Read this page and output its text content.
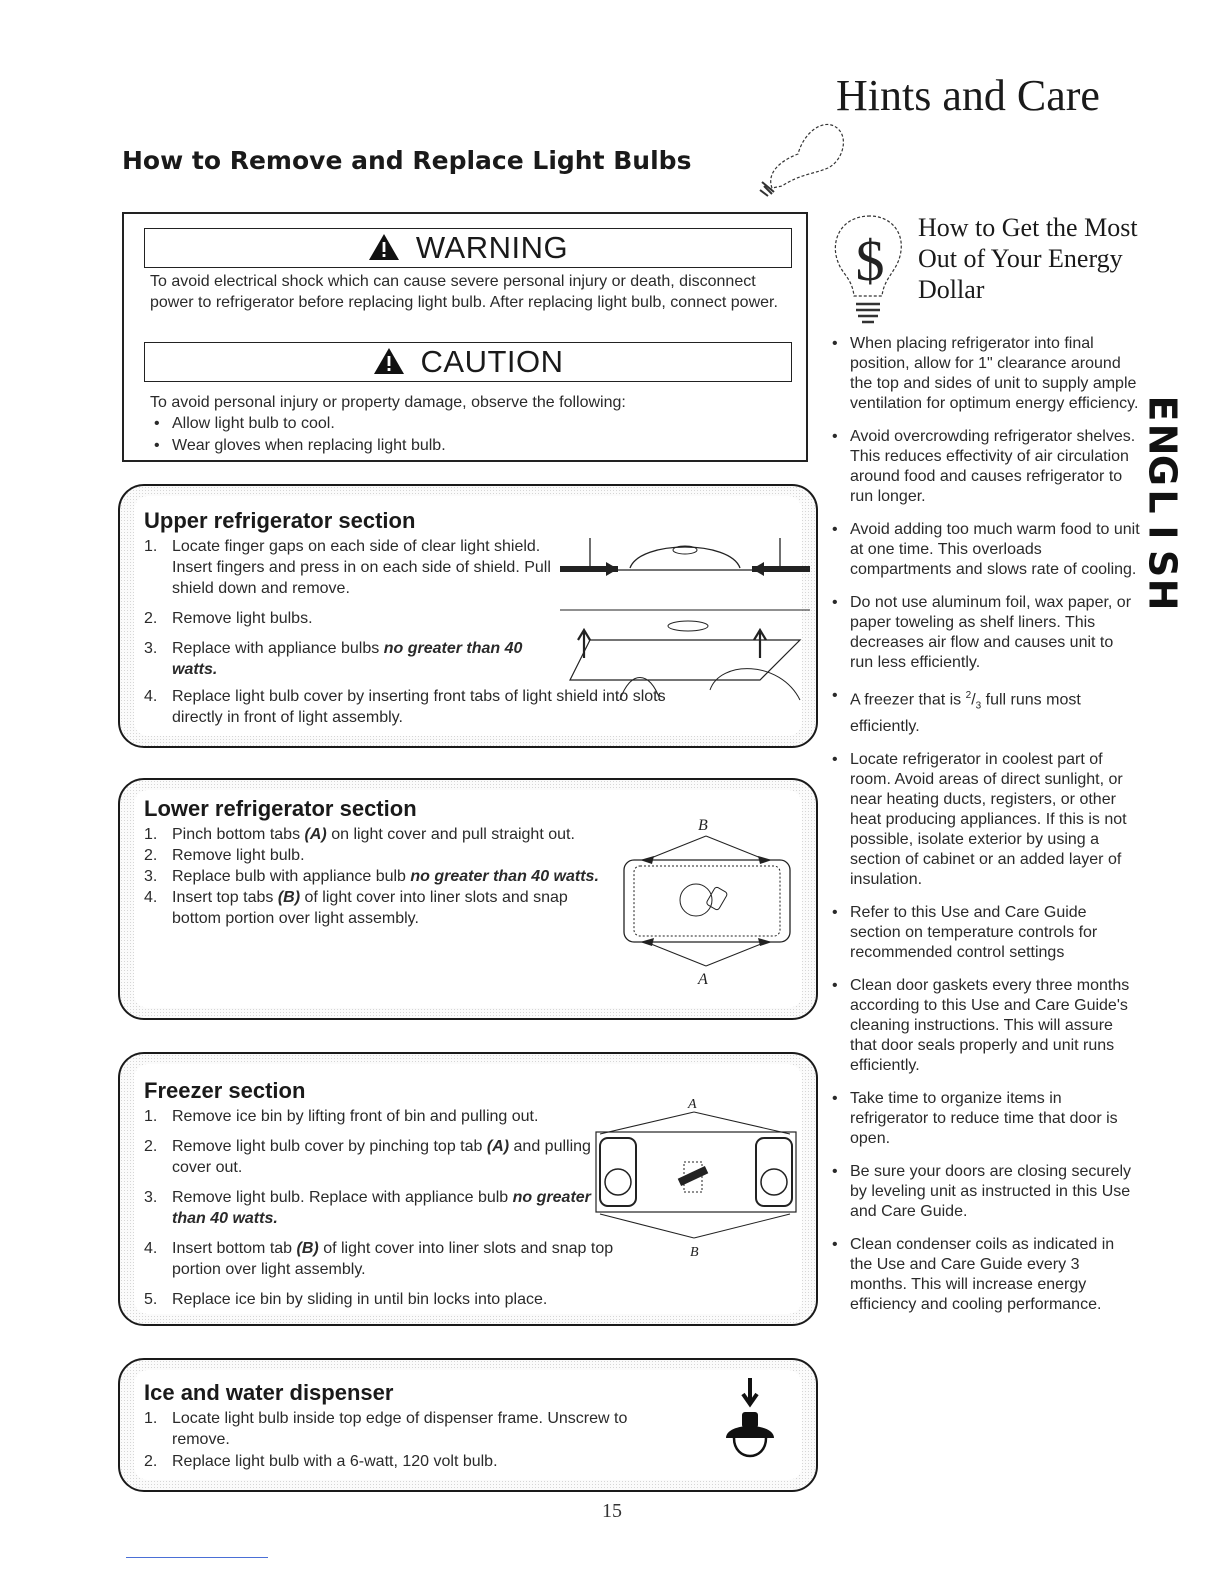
Hints and Care
How to Remove and Replace Light Bulbs
WARNING

To avoid electrical shock which can cause severe personal injury or death, disconnect power to refrigerator before replacing light bulb. After replacing light bulb, connect power.

CAUTION

To avoid personal injury or property damage, observe the following:

• Allow light bulb to cool.
• Wear gloves when replacing light bulb.
Upper refrigerator section
1. Locate finger gaps on each side of clear light shield. Insert fingers and press in on each side of shield. Pull shield down and remove.
2. Remove light bulbs.
3. Replace with appliance bulbs no greater than 40 watts.
4. Replace light bulb cover by inserting front tabs of light shield into slots directly in front of light assembly.
Lower refrigerator section
1. Pinch bottom tabs (A) on light cover and pull straight out.
2. Remove light bulb.
3. Replace bulb with appliance bulb no greater than 40 watts.
4. Insert top tabs (B) of light cover into liner slots and snap bottom portion over light assembly.
B
A
Freezer section
1. Remove ice bin by lifting front of bin and pulling out.
2. Remove light bulb cover by pinching top tab (A) and pulling cover out.
3. Remove light bulb. Replace with appliance bulb no greater than 40 watts.
4. Insert bottom tab (B) of light cover into liner slots and snap top portion over light assembly.
5. Replace ice bin by sliding in until bin locks into place.
A
B
Ice and water dispenser
1. Locate light bulb inside top edge of dispenser frame. Unscrew to remove.
2. Replace light bulb with a 6-watt, 120 volt bulb.
$
How to Get the Most Out of Your Energy Dollar
• When placing refrigerator into final position, allow for 1" clearance around the top and sides of unit to supply ample ventilation for optimum energy efficiency.
• Avoid overcrowding refrigerator shelves. This reduces effectivity of air circulation around food and causes refrigerator to run longer.
• Avoid adding too much warm food to unit at one time. This overloads compartments and slows rate of cooling.
• Do not use aluminum foil, wax paper, or paper toweling as shelf liners. This decreases air flow and causes unit to run less efficiently.
• A freezer that is $^2/_3$ full runs most efficiently.
• Locate refrigerator in coolest part of room. Avoid areas of direct sunlight, or near heating ducts, registers, or other heat producing appliances. If this is not possible, isolate exterior by using a section of cabinet or an added layer of insulation.
• Refer to this Use and Care Guide section on temperature controls for recommended control settings
• Clean door gaskets every three months according to this Use and Care Guide's cleaning instructions. This will assure that door seals properly and unit runs efficiently.
• Take time to organize items in refrigerator to reduce time that door is open.
• Be sure your doors are closing securely by leveling unit as instructed in this Use and Care Guide.
• Clean condenser coils as indicated in the Use and Care Guide every 3 months. This will increase energy efficiency and cooling performance.
E
N
G
L
I
S
H
15
